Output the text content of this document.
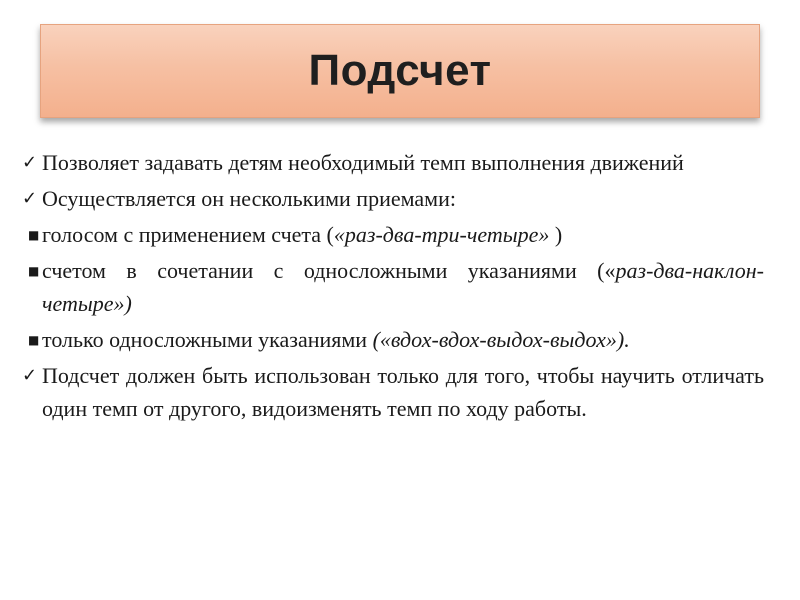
Подсчет
✓ Позволяет задавать детям необходимый темп выполнения движений
✓ Осуществляется он несколькими приемами:
■ голосом с применением счета («раз-два-три-четыре» )
■ счетом в сочетании с односложными указаниями («раз-два-наклон-четыре»)
■ только односложными указаниями («вдох-вдох-выдох-выдох»).
✓ Подсчет должен быть использован только для того, чтобы научить отличать один темп от другого, видоизменять темп по ходу работы.
